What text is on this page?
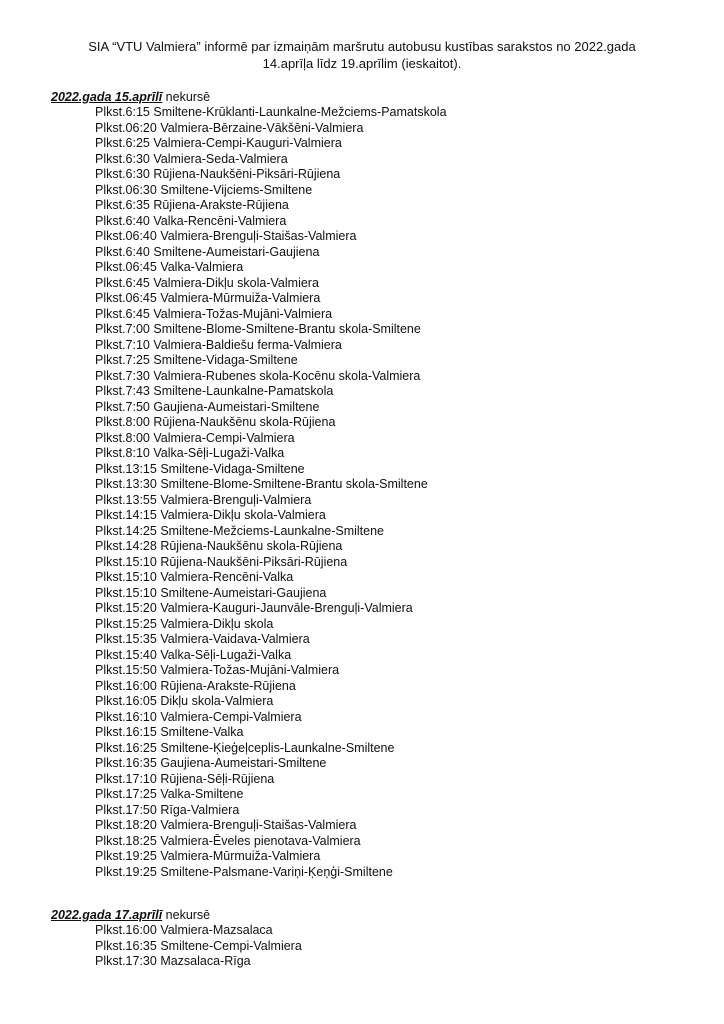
SIA “VTU Valmiera” informē par izmaiņām maršrutu autobusu kustības sarakstos no 2022.gada
14.aprīļa līdz 19.aprīlim (ieskaitot).
2022.gada 15.aprīlī nekursē
Plkst.6:15 Smiltene-Krūklanti-Launkalne-Mežciems-Pamatskola
Plkst.06:20 Valmiera-Bērzaine-Vākšēni-Valmiera
Plkst.6:25 Valmiera-Cempi-Kauguri-Valmiera
Plkst.6:30 Valmiera-Seda-Valmiera
Plkst.6:30 Rūjiena-Naukšēni-Piksāri-Rūjiena
Plkst.06:30 Smiltene-Vijciems-Smiltene
Plkst.6:35 Rūjiena-Arakste-Rūjiena
Plkst.6:40 Valka-Rencēni-Valmiera
Plkst.06:40 Valmiera-Brenguļi-Staišas-Valmiera
Plkst.6:40 Smiltene-Aumeistari-Gaujiena
Plkst.06:45 Valka-Valmiera
Plkst.6:45 Valmiera-Dikļu skola-Valmiera
Plkst.06:45 Valmiera-Mūrmuiža-Valmiera
Plkst.6:45 Valmiera-Tožas-Mujāni-Valmiera
Plkst.7:00 Smiltene-Blome-Smiltene-Brantu skola-Smiltene
Plkst.7:10 Valmiera-Baldiešu ferma-Valmiera
Plkst.7:25 Smiltene-Vidaga-Smiltene
Plkst.7:30 Valmiera-Rubenes skola-Kocēnu skola-Valmiera
Plkst.7:43 Smiltene-Launkalne-Pamatskola
Plkst.7:50 Gaujiena-Aumeistari-Smiltene
Plkst.8:00 Rūjiena-Naukšēnu skola-Rūjiena
Plkst.8:00 Valmiera-Cempi-Valmiera
Plkst.8:10 Valka-Sēļi-Lugaži-Valka
Plkst.13:15 Smiltene-Vidaga-Smiltene
Plkst.13:30 Smiltene-Blome-Smiltene-Brantu skola-Smiltene
Plkst.13:55 Valmiera-Brenguļi-Valmiera
Plkst.14:15 Valmiera-Dikļu skola-Valmiera
Plkst.14:25 Smiltene-Mežciems-Launkalne-Smiltene
Plkst.14:28 Rūjiena-Naukšēnu skola-Rūjiena
Plkst.15:10 Rūjiena-Naukšēni-Piksāri-Rūjiena
Plkst.15:10 Valmiera-Rencēni-Valka
Plkst.15:10 Smiltene-Aumeistari-Gaujiena
Plkst.15:20 Valmiera-Kauguri-Jaunvāle-Brenguļi-Valmiera
Plkst.15:25 Valmiera-Dikļu skola
Plkst.15:35 Valmiera-Vaidava-Valmiera
Plkst.15:40 Valka-Sēļi-Lugaži-Valka
Plkst.15:50 Valmiera-Tožas-Mujāni-Valmiera
Plkst.16:00 Rūjiena-Arakste-Rūjiena
Plkst.16:05 Dikļu skola-Valmiera
Plkst.16:10 Valmiera-Cempi-Valmiera
Plkst.16:15 Smiltene-Valka
Plkst.16:25 Smiltene-Ķieģeļceplis-Launkalne-Smiltene
Plkst.16:35 Gaujiena-Aumeistari-Smiltene
Plkst.17:10 Rūjiena-Sēļi-Rūjiena
Plkst.17:25 Valka-Smiltene
Plkst.17:50 Rīga-Valmiera
Plkst.18:20 Valmiera-Brenguļi-Staišas-Valmiera
Plkst.18:25 Valmiera-Ēveles pienotava-Valmiera
Plkst.19:25 Valmiera-Mūrmuiža-Valmiera
Plkst.19:25 Smiltene-Palsmane-Variņi-Ķeņģi-Smiltene
2022.gada 17.aprīlī nekursē
Plkst.16:00 Valmiera-Mazsalaca
Plkst.16:35 Smiltene-Cempi-Valmiera
Plkst.17:30 Mazsalaca-Rīga
